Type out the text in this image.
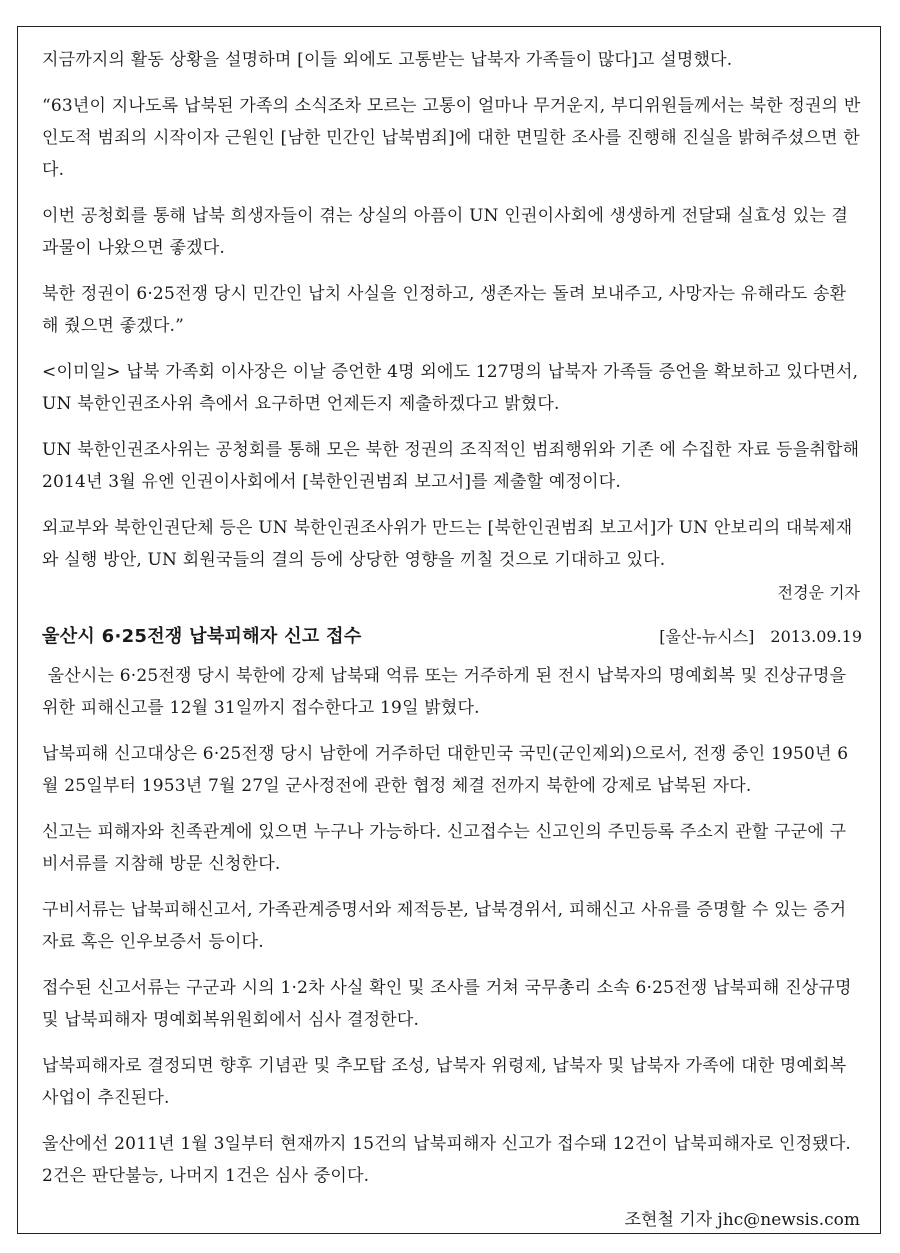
지금까지의 활동 상황을 설명하며 [이들 외에도 고통받는 납북자 가족들이 많다]고 설명했다.

“63년이 지나도록 납북된 가족의 소식조차 모르는 고통이 얼마나 무거운지, 부디위원들께서는 북한 정권의 반인도적 범죄의 시작이자 근원인 [남한 민간인 납북범죄]에 대한 면밀한 조사를 진행해 진실을 밝혀주셨으면 한다.

이번 공청회를 통해 납북 희생자들이 겪는 상실의 아픔이 UN 인권이사회에 생생하게 전달돼 실효성 있는 결과물이 나왔으면 좋겠다.

북한 정권이 6·25전쟁 당시 민간인 납치 사실을 인정하고, 생존자는 돌려 보내주고, 사망자는 유해라도 송환해 줬으면 좋겠다.”

<이미일> 납북 가족회 이사장은 이날 증언한 4명 외에도 127명의 납북자 가족들 증언을 확보하고 있다면서, UN 북한인권조사위 측에서 요구하면 언제든지 제출하겠다고 밝혔다.

UN 북한인권조사위는 공청회를 통해 모은 북한 정권의 조직적인 범죄행위와 기존 에 수집한 자료 등을취합해 2014년 3월 유엔 인권이사회에서 [북한인권범죄 보고서]를 제출할 예정이다.

외교부와 북한인권단체 등은 UN 북한인권조사위가 만드는 [북한인권범죄 보고서]가 UN 안보리의 대북제재와 실행 방안, UN 회원국들의 결의 등에 상당한 영향을 끼칠 것으로 기대하고 있다.

전경운 기자

울산시 6·25전쟁 납북피해자 신고 접수	[울산-뉴시스] 2013.09.19

울산시는 6·25전쟁 당시 북한에 강제 납북돼 억류 또는 거주하게 된 전시 납북자의 명예회복 및 진상규명을 위한 피해신고를 12월 31일까지 접수한다고 19일 밝혔다.

납북피해 신고대상은 6·25전쟁 당시 남한에 거주하던 대한민국 국민(군인제외)으로서, 전쟁 중인 1950년 6월 25일부터 1953년 7월 27일 군사정전에 관한 협정 체결 전까지 북한에 강제로 납북된 자다.

신고는 피해자와 친족관계에 있으면 누구나 가능하다. 신고접수는 신고인의 주민등록 주소지 관할 구군에 구비서류를 지참해 방문 신청한다.

구비서류는 납북피해신고서, 가족관계증명서와 제적등본, 납북경위서, 피해신고 사유를 증명할 수 있는 증거자료 혹은 인우보증서 등이다.

접수된 신고서류는 구군과 시의 1·2차 사실 확인 및 조사를 거쳐 국무총리 소속 6·25전쟁 납북피해 진상규명 및 납북피해자 명예회복위원회에서 심사 결정한다.

납북피해자로 결정되면 향후 기념관 및 추모탑 조성, 납북자 위령제, 납북자 및 납북자 가족에 대한 명예회복 사업이 추진된다.

울산에선 2011년 1월 3일부터 현재까지 15건의 납북피해자 신고가 접수돼 12건이 납북피해자로 인정됐다. 2건은 판단불능, 나머지 1건은 심사 중이다.

조현철 기자 jhc@newsis.com
